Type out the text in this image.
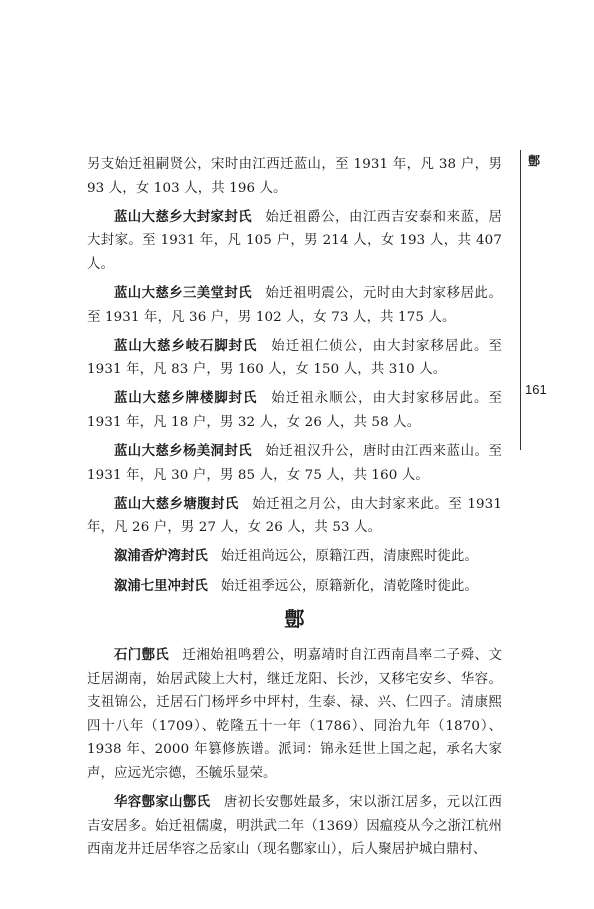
鄷
161

另支始迁祖嗣贤公，宋时由江西迁蓝山，至 1931 年，凡 38 户，男 93 人，女 103 人，共 196 人。

蓝山大慈乡大封家封氏 始迁祖爵公，由江西吉安泰和来蓝，居大封家。至 1931 年，凡 105 户，男 214 人，女 193 人，共 407 人。

蓝山大慈乡三美堂封氏 始迁祖明震公，元时由大封家移居此。至 1931 年，凡 36 户，男 102 人，女 73 人，共 175 人。

蓝山大慈乡岐石脚封氏 始迁祖仁侦公，由大封家移居此。至 1931 年，凡 83 户，男 160 人，女 150 人，共 310 人。

蓝山大慈乡牌楼脚封氏 始迁祖永顺公，由大封家移居此。至 1931 年，凡 18 户，男 32 人，女 26 人，共 58 人。

蓝山大慈乡杨美洞封氏 始迁祖汉升公，唐时由江西来蓝山。至 1931 年，凡 30 户，男 85 人，女 75 人，共 160 人。

蓝山大慈乡塘腹封氏 始迁祖之月公，由大封家来此。至 1931 年，凡 26 户，男 27 人，女 26 人，共 53 人。

溆浦香炉湾封氏 始迁祖尚远公，原籍江西，清康熙时徙此。

溆浦七里冲封氏 始迁祖季远公，原籍新化，清乾隆时徙此。

鄷

石门鄷氏 迁湘始祖鸣碧公，明嘉靖时自江西南昌率二子舜、文迁居湖南，始居武陵上大村，继迁龙阳、长沙，又移宅安乡、华容。支祖锦公，迁居石门杨坪乡中坪村，生泰、禄、兴、仁四子。清康熙四十八年（1709）、乾隆五十一年（1786）、同治九年（1870）、1938 年、2000 年篡修族谱。派词：锦永廷世上国之起，承名大家声，应远光宗德，丕毓乐显荣。

华容鄷家山鄷氏 唐初长安鄷姓最多，宋以浙江居多，元以江西吉安居多。始迁祖儒虞，明洪武二年（1369）因瘟疫从今之浙江杭州西南龙井迁居华容之岳家山（现名鄷家山），后人聚居护城白鼎村、
